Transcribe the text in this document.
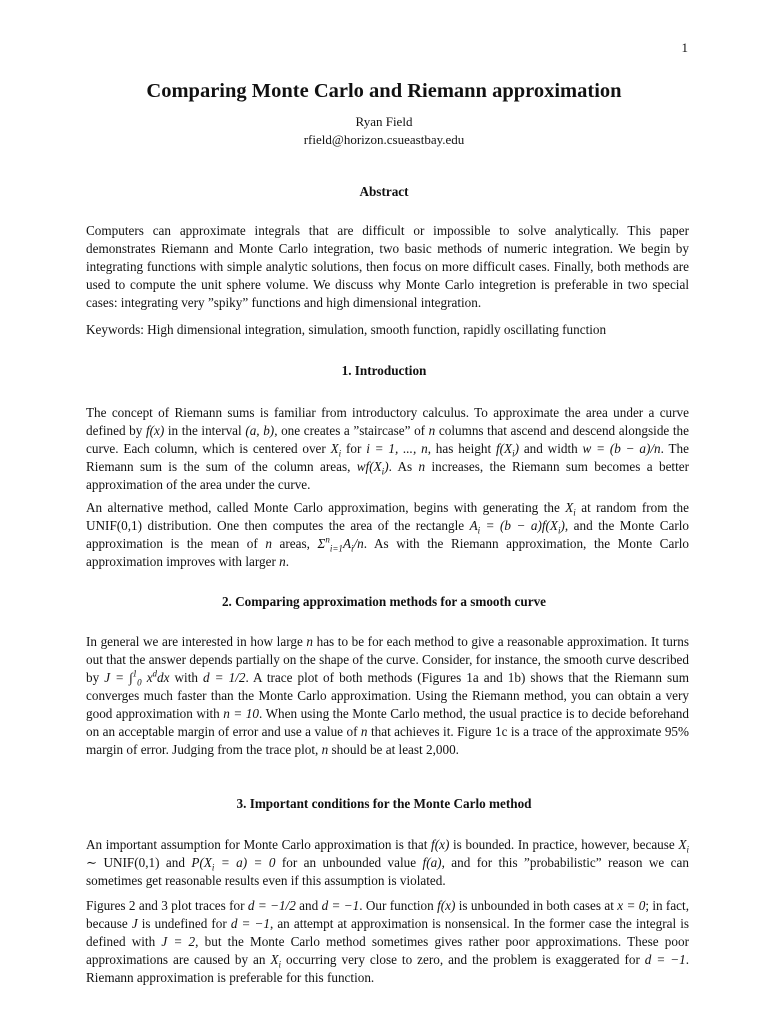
1
Comparing Monte Carlo and Riemann approximation
Ryan Field
rfield@horizon.csueastbay.edu
Abstract

Computers can approximate integrals that are difficult or impossible to solve analytically. This paper demonstrates Riemann and Monte Carlo integration, two basic methods of numeric integration. We begin by integrating functions with simple analytic solutions, then focus on more difficult cases. Finally, both methods are used to compute the unit sphere volume. We discuss why Monte Carlo integretion is preferable in two special cases: integrating very ”spiky” functions and high dimensional integration.

Keywords: High dimensional integration, simulation, smooth function, rapidly oscillating function

1. Introduction

The concept of Riemann sums is familiar from introductory calculus. To approximate the area under a curve defined by f(x) in the interval (a, b), one creates a ”staircase” of n columns that ascend and descend alongside the curve. Each column, which is centered over $X_i$ for i = 1, ..., n, has height $f(X_i)$ and width w = (b − a)/n. The Riemann sum is the sum of the column areas, $wf(X_i)$. As n increases, the Riemann sum becomes a better approximation of the area under the curve.

An alternative method, called Monte Carlo approximation, begins with generating the $X_i$ at random from the UNIF(0,1) distribution. One then computes the area of the rectangle $A_i = (b - a)f(X_i)$, and the Monte Carlo approximation is the mean of n areas, $\Sigma^n_{i=1}A_i/n$. As with the Riemann approximation, the Monte Carlo approximation improves with larger n.

2. Comparing approximation methods for a smooth curve

In general we are interested in how large n has to be for each method to give a reasonable approximation. It turns out that the answer depends partially on the shape of the curve. Consider, for instance, the smooth curve described by J = ∫$^1_0$ $x^ddx$ with d = 1/2. A trace plot of both methods (Figures 1a and 1b) shows that the Riemann sum converges much faster than the Monte Carlo approximation. Using the Riemann method, you can obtain a very good approximation with n = 10. When using the Monte Carlo method, the usual practice is to decide beforehand on an acceptable margin of error and use a value of n that achieves it. Figure 1c is a trace of the approximate 95% margin of error. Judging from the trace plot, n should be at least 2,000.

3. Important conditions for the Monte Carlo method

An important assumption for Monte Carlo approximation is that f(x) is bounded. In practice, however, because $X_i$ ∼ UNIF(0,1) and $P(X_i = a) = 0$ for an unbounded value f(a), and for this ”probabilistic” reason we can sometimes get reasonable results even if this assumption is violated.

Figures 2 and 3 plot traces for d = −1/2 and d = −1. Our function f(x) is unbounded in both cases at x = 0; in fact, because J is undefined for d = −1, an attempt at approximation is nonsensical. In the former case the integral is defined with J = 2, but the Monte Carlo method sometimes gives rather poor approximations. These poor approximations are caused by an $X_i$ occurring very close to zero, and the problem is exaggerated for d = −1. Riemann approximation is preferable for this function.
